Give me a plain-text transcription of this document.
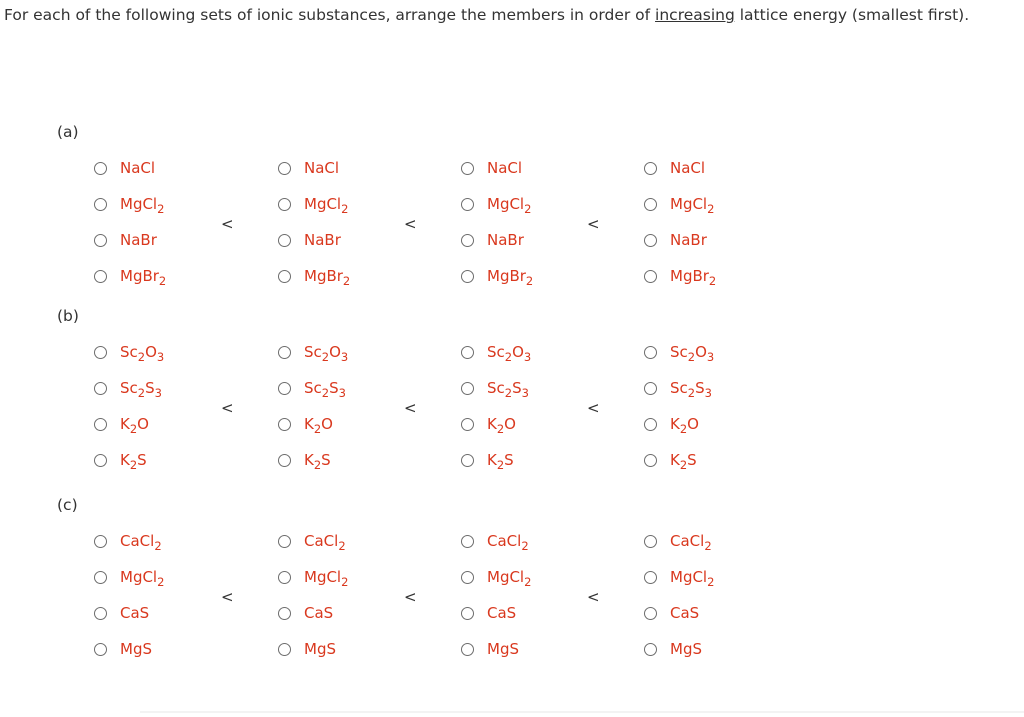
For each of the following sets of ionic substances, arrange the members in order of increasing lattice energy (smallest first).
(a)
NaCl
MgCl$_2$
NaBr
MgBr$_2$
NaCl
MgCl$_2$
NaBr
MgBr$_2$
NaCl
MgCl$_2$
NaBr
MgBr$_2$
NaCl
MgCl$_2$
NaBr
MgBr$_2$
<	<	<
(b)
$Sc_2O_3$
$Sc_2S_3$
$K_2O$
$K_2S$
$Sc_2O_3$
$Sc_2S_3$
$K_2O$
$K_2S$
$Sc_2O_3$
$Sc_2S_3$
$K_2O$
$K_2S$
$Sc_2O_3$
$Sc_2S_3$
$K_2O$
$K_2S$
<	<	<
(c)
CaCl$_2$
MgCl$_2$
CaS
MgS
CaCl$_2$
MgCl$_2$
CaS
MgS
CaCl$_2$
MgCl$_2$
CaS
MgS
CaCl$_2$
MgCl$_2$
CaS
MgS
<	<	<
